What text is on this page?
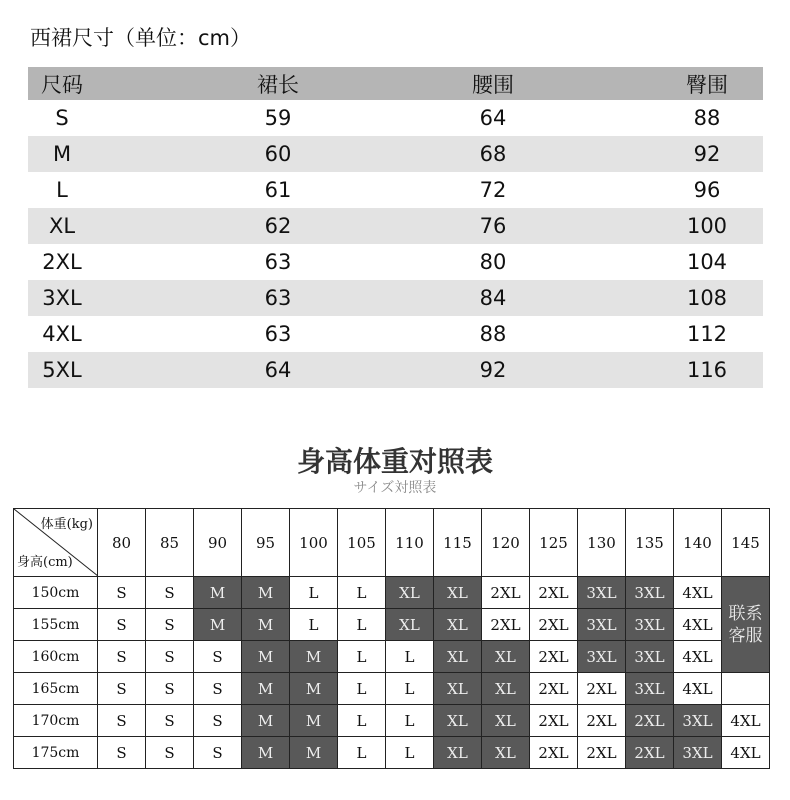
西裙尺寸（单位：cm）
尺码	裙长	腰围	臀围
S	59	64	88
M	60	68	92
L	61	72	96
XL	62	76	100
2XL	63	80	104
3XL	63	84	108
4XL	63	88	112
5XL	64	92	116
身高体重对照表
サイズ対照表
体重(kg)
身高(cm)	80	85	90	95	100	105	110	115	120	125	130	135	140	145
150cm	S	S	M	M	L	L	XL	XL	2XL	2XL	3XL	3XL	4XL	联系
客服

155cm	S	S	M	M	L	L	XL	XL	2XL	2XL	3XL	3XL	4XL	
160cm	S	S	S	M	M	L	L	XL	XL	2XL	3XL	3XL	4XL	
165cm	S	S	S	M	M	L	L	XL	XL	2XL	2XL	3XL	4XL	
170cm	S	S	S	M	M	L	L	XL	XL	2XL	2XL	2XL	3XL	4XL
175cm	S	S	S	M	M	L	L	XL	XL	2XL	2XL	2XL	3XL	4XL
